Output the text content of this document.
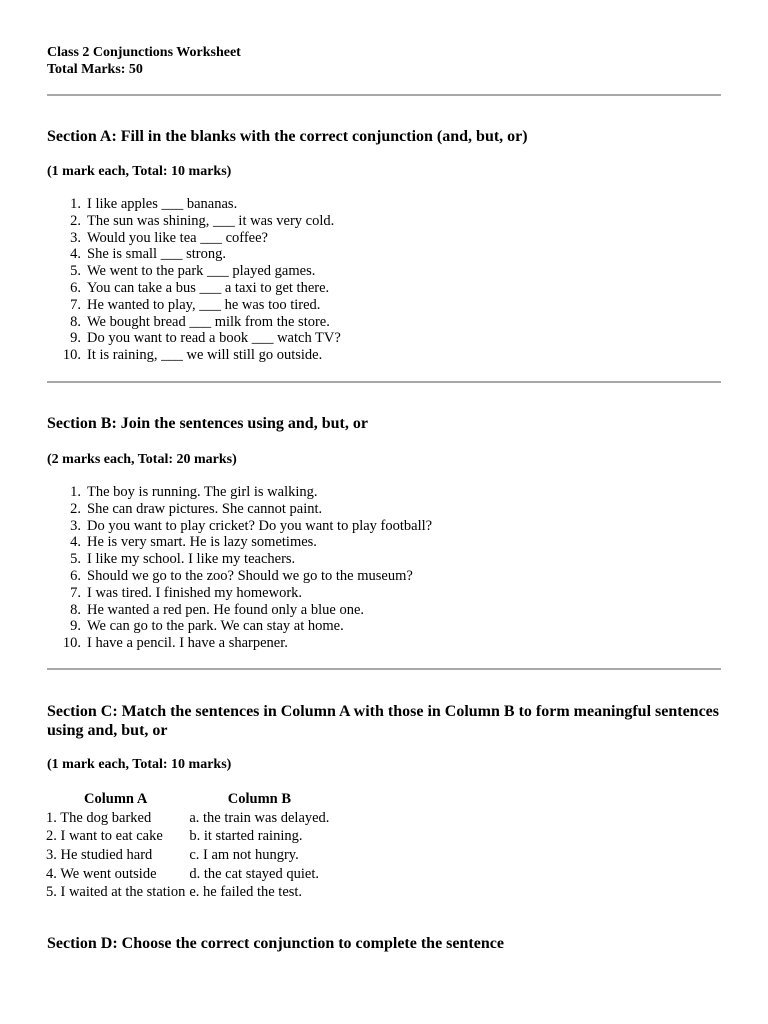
Class 2 Conjunctions Worksheet
Total Marks: 50
Section A: Fill in the blanks with the correct conjunction (and, but, or)
(1 mark each, Total: 10 marks)
1. I like apples ___ bananas.
2. The sun was shining, ___ it was very cold.
3. Would you like tea ___ coffee?
4. She is small ___ strong.
5. We went to the park ___ played games.
6. You can take a bus ___ a taxi to get there.
7. He wanted to play, ___ he was too tired.
8. We bought bread ___ milk from the store.
9. Do you want to read a book ___ watch TV?
10. It is raining, ___ we will still go outside.
Section B: Join the sentences using and, but, or
(2 marks each, Total: 20 marks)
1. The boy is running. The girl is walking.
2. She can draw pictures. She cannot paint.
3. Do you want to play cricket? Do you want to play football?
4. He is very smart. He is lazy sometimes.
5. I like my school. I like my teachers.
6. Should we go to the zoo? Should we go to the museum?
7. I was tired. I finished my homework.
8. He wanted a red pen. He found only a blue one.
9. We can go to the park. We can stay at home.
10. I have a pencil. I have a sharpener.
Section C: Match the sentences in Column A with those in Column B to form meaningful sentences using and, but, or
(1 mark each, Total: 10 marks)
Column A	Column B
1. The dog barked	a. the train was delayed.
2. I want to eat cake	b. it started raining.
3. He studied hard	c. I am not hungry.
4. We went outside	d. the cat stayed quiet.
5. I waited at the station	e. he failed the test.
Section D: Choose the correct conjunction to complete the sentence
